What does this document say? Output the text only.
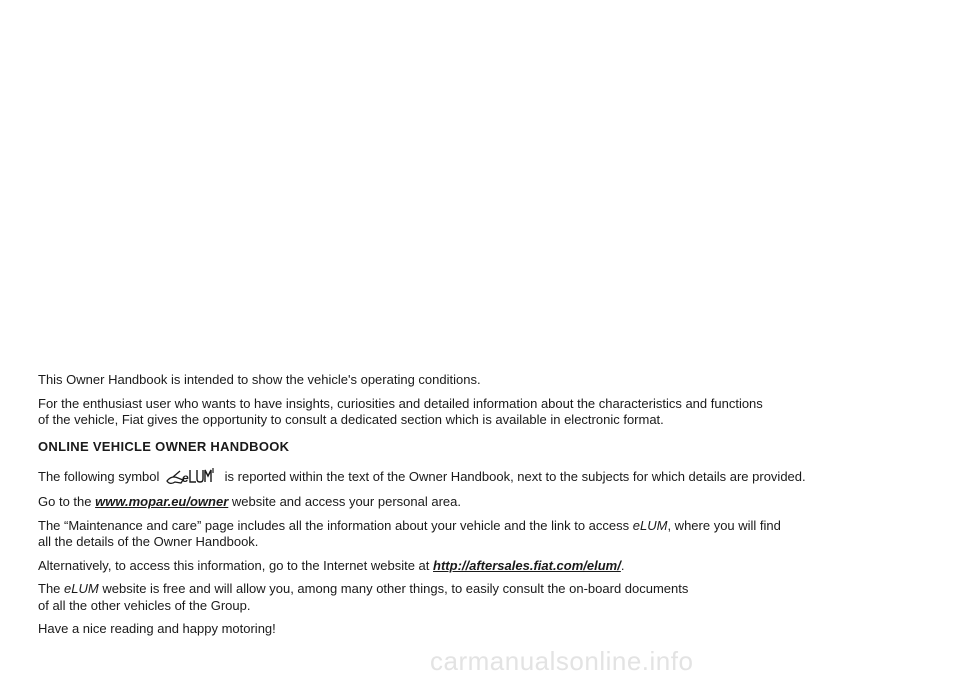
This Owner Handbook is intended to show the vehicle's operating conditions.

For the enthusiast user who wants to have insights, curiosities and detailed information about the characteristics and functions
of the vehicle, Fiat gives the opportunity to consult a dedicated section which is available in electronic format.

ONLINE VEHICLE OWNER HANDBOOK

The following symbol e	is reported within the text of the Owner Handbook, next to the subjects for which details are provided.

Go to the www.mopar.eu/owner website and access your personal area.

The “Maintenance and care” page includes all the information about your vehicle and the link to access eLUM, where you will find
all the details of the Owner Handbook.

Alternatively, to access this information, go to the Internet website at http://aftersales.fiat.com/elum/.

The eLUM website is free and will allow you, among many other things, to easily consult the on-board documents
of all the other vehicles of the Group.

Have a nice reading and happy motoring!

carmanualsonline.info
